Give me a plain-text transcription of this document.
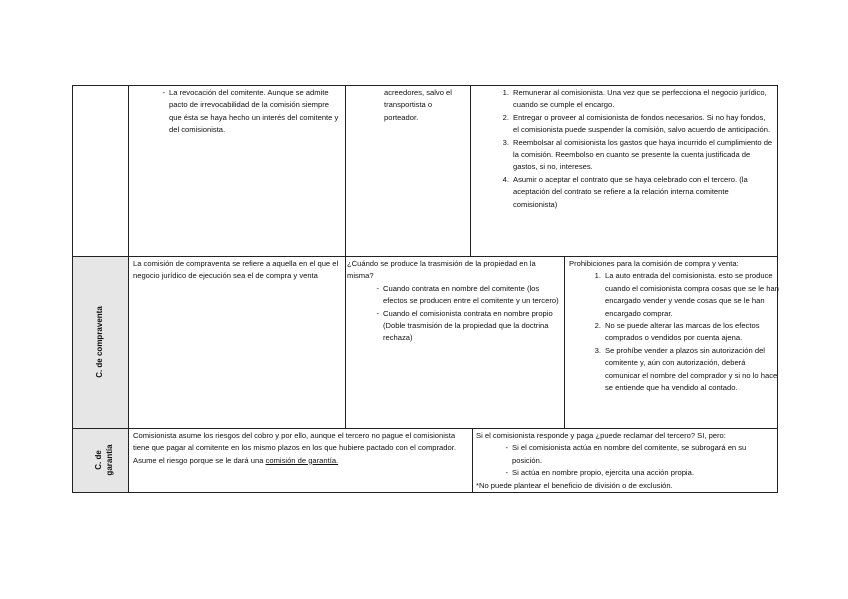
- La revocación del comitente. Aunque se admite pacto de irrevocabilidad de la comisión siempre que ésta se haya hecho un interés del comitente y del comisionista.

acreedores, salvo el transportista o porteador.
1. Remunerar al comisionista. Una vez que se perfecciona el negocio jurídico, cuando se cumple el encargo.

2. Entregar o proveer al comisionista de fondos necesarios. Si no hay fondos, el comisionista puede suspender la comisión, salvo acuerdo de anticipación.

3. Reembolsar al comisionista los gastos que haya incurrido el cumplimiento de la comisión. Reembolso en cuanto se presente la cuenta justificada de gastos, si no, intereses.

4. Asumir o aceptar el contrato que se haya celebrado con el tercero. (la aceptación del contrato se refiere a la relación interna comitente comisionista)

C. de compraventa
La comisión de compraventa se refiere a aquella en el que el negocio jurídico de ejecución sea el de compra y venta

¿Cuándo se produce la trasmisión de la propiedad en la misma?

- Cuando contrata en nombre del comitente (los efectos se producen entre el comitente y un tercero)

- Cuando el comisionista contrata en nombre propio (Doble trasmisión de la propiedad que la doctrina rechaza)

Prohibiciones para la comisión de compra y venta:

1. La auto entrada del comisionista. esto se produce cuando el comisionista compra cosas que se le han encargado vender y vende cosas que se le han encargado comprar.

2. No se puede alterar las marcas de los efectos comprados o vendidos por cuenta ajena.

3. Se prohíbe vender a plazos sin autorización del comitente y, aún con autorización, deberá comunicar el nombre del comprador y si no lo hace se entiende que ha vendido al contado.

C. de garantía

Comisionista asume los riesgos del cobro y por ello, aunque el tercero no pague el comisionista tiene que pagar al comitente en los mismo plazos en los que hubiere pactado con el comprador.

Asume el riesgo porque se le dará una comisión de garantía.

Si el comisionista responde y paga ¿puede reclamar del tercero? SI, pero:

- Si el comisionista actúa en nombre del comitente, se subrogará en su posición.

- Si actúa en nombre propio, ejercita una acción propia.

*No puede plantear el beneficio de división o de exclusión.
